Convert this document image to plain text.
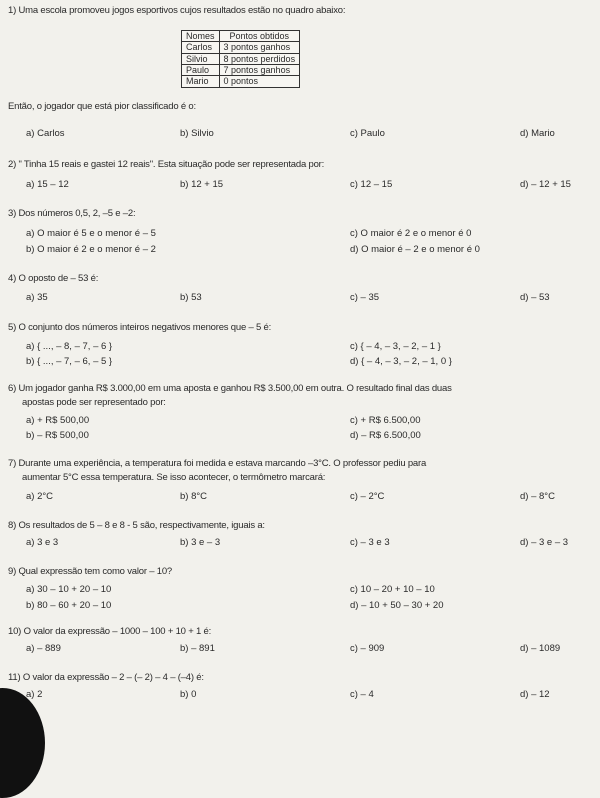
1) Uma escola promoveu jogos esportivos cujos resultados estão no quadro abaixo:
Nomes	Pontos obtidos
Carlos	3 pontos ganhos
Silvio	8 pontos perdidos
Paulo	7 pontos ganhos
Mario	0 pontos
Então, o jogador que está pior classificado é o:
a) Carlos	b) Silvio	c) Paulo	d) Mario
2) " Tinha 15 reais e gastei 12 reais". Esta situação pode ser representada por:
a) 15 – 12	b) 12 + 15	c) 12 – 15	d) – 12 + 15
3) Dos números 0,5, 2, –5 e –2:
a) O maior é 5 e o menor é – 5	c) O maior é 2 e o menor é 0
b) O maior é 2 e o menor é – 2	d) O maior é – 2 e o menor é 0
4) O oposto de – 53 é:
a) 35	b) 53	c) – 35	d) – 53
5) O conjunto dos números inteiros negativos menores que – 5 é:
a) { ..., – 8, – 7, – 6 }	c) { – 4, – 3, – 2, – 1 }
b) { ..., – 7, – 6, – 5 }	d) { – 4, – 3, – 2, – 1, 0 }
6) Um jogador ganha R$ 3.000,00 em uma aposta e ganhou R$ 3.500,00 em outra. O resultado final das duas
apostas pode ser representado por:
a) + R$ 500,00	c) + R$ 6.500,00
b) – R$ 500,00	d) – R$ 6.500,00
7) Durante uma experiência, a temperatura foi medida e estava marcando –3°C. O professor pediu para
aumentar 5°C essa temperatura. Se isso acontecer, o termômetro marcará:
a) 2°C	b) 8°C	c) – 2°C	d) – 8°C
8) Os resultados de 5 – 8 e 8 - 5 são, respectivamente, iguais a:
a) 3 e 3	b) 3 e – 3	c) – 3 e 3	d) – 3 e – 3
9) Qual expressão tem como valor – 10?
a) 30 – 10 + 20 – 10	c) 10 – 20 + 10 – 10
b) 80 – 60 + 20 – 10	d) – 10 + 50 – 30 + 20
10) O valor da expressão – 1000 – 100 + 10 + 1 é:
a) – 889	b) – 891	c) – 909	d) – 1089
11) O valor da expressão – 2 – (– 2) – 4 – (–4) é:
a) 2	b) 0	c) – 4	d) – 12
